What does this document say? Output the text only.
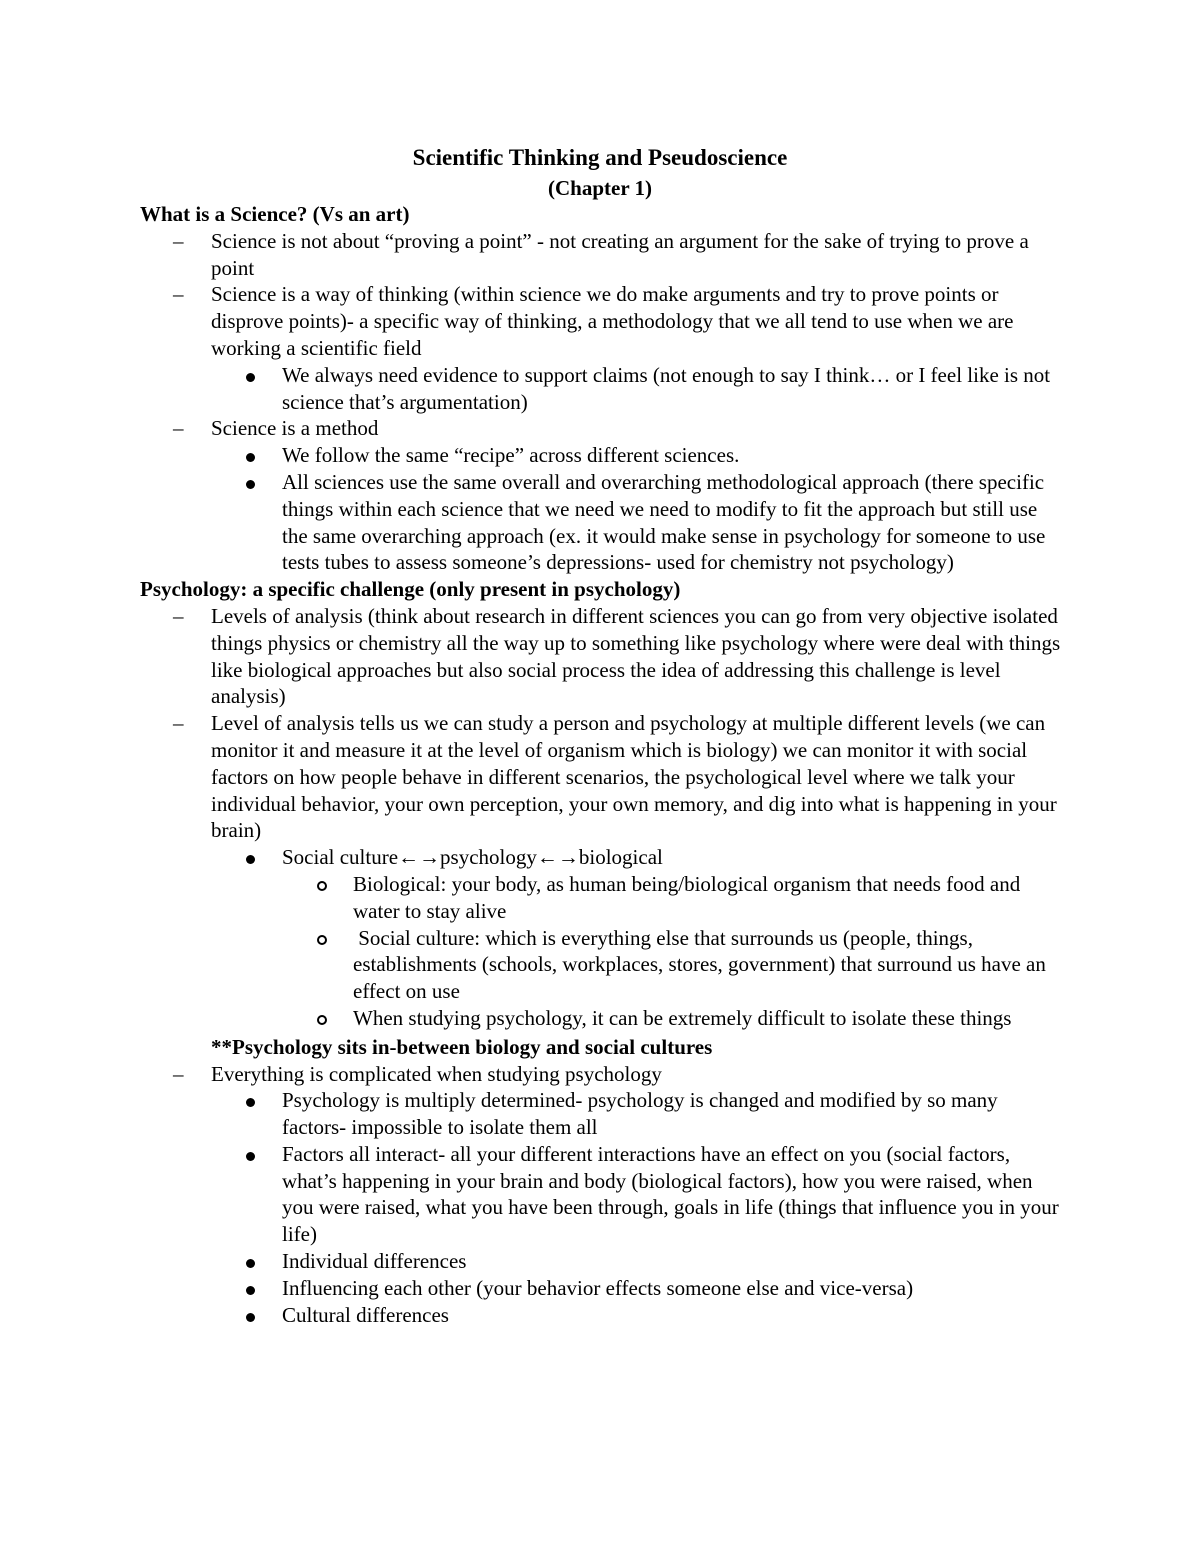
Scientific Thinking and Pseudoscience

(Chapter 1)

What is a Science? (Vs an art)

– Science is not about “proving a point” - not creating an argument for the sake of trying to prove a point
– Science is a way of thinking (within science we do make arguments and try to prove points or disprove points)- a specific way of thinking, a methodology that we all tend to use when we are working a scientific field
We always need evidence to support claims (not enough to say I think… or I feel like is not science that’s argumentation)
– Science is a method
We follow the same “recipe” across different sciences.
All sciences use the same overall and overarching methodological approach (there specific things within each science that we need we need to modify to fit the approach but still use the same overarching approach (ex. it would make sense in psychology for someone to use tests tubes to assess someone’s depressions- used for chemistry not psychology)

Psychology: a specific challenge (only present in psychology)

– Levels of analysis (think about research in different sciences you can go from very objective isolated things physics or chemistry all the way up to something like psychology where were deal with things like biological approaches but also social process the idea of addressing this challenge is level analysis)
– Level of analysis tells us we can study a person and psychology at multiple different levels (we can monitor it and measure it at the level of organism which is biology) we can monitor it with social factors on how people behave in different scenarios, the psychological level where we talk your individual behavior, your own perception, your own memory, and dig into what is happening in your brain)
Social culture←→psychology←→biological
Biological: your body, as human being/biological organism that needs food and water to stay alive
Social culture: which is everything else that surrounds us (people, things, establishments (schools, workplaces, stores, government) that surround us have an effect on use
When studying psychology, it can be extremely difficult to isolate these things

**Psychology sits in-between biology and social cultures

– Everything is complicated when studying psychology
Psychology is multiply determined- psychology is changed and modified by so many factors- impossible to isolate them all
Factors all interact- all your different interactions have an effect on you (social factors, what’s happening in your brain and body (biological factors), how you were raised, when you were raised, what you have been through, goals in life (things that influence you in your life)
Individual differences
Influencing each other (your behavior effects someone else and vice-versa)
Cultural differences
